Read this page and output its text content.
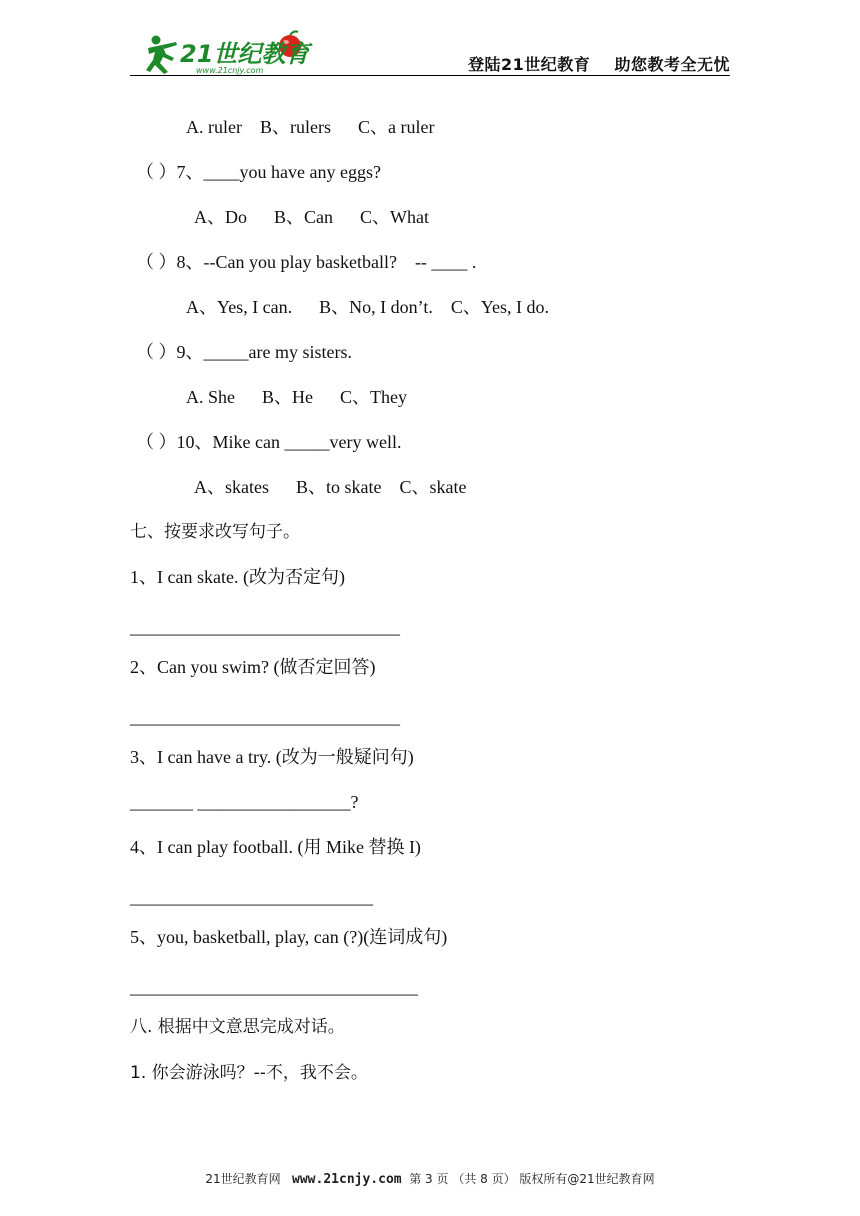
21世纪教育
www.21cnjy.com	登陆21世纪教育    助您教考全无忧
A. ruler    B、rulers      C、a ruler
（ ）7、____you have any eggs?
A、Do      B、Can      C、What
（ ）8、--Can you play basketball?    -- ____ .
A、Yes, I can.      B、No, I don’t.    C、Yes, I do.
（ ）9、_____are my sisters.
A. She      B、He      C、They
（ ）10、Mike can _____very well.
A、skates      B、to skate    C、skate
七、按要求改写句子。
1、I can skate. (改为否定句)
______________________________
2、Can you swim? (做否定回答)
______________________________
3、I can have a try. (改为一般疑问句)
_______ _________________?
4、I can play football. (用 Mike 替换 I)
___________________________
5、you, basketball, play, can (?)(连词成句)
________________________________
八. 根据中文意思完成对话。
1. 你会游泳吗？--不，我不会。
21世纪教育网   www.21cnjy.com  第 3 页 （共 8 页） 版权所有@21世纪教育网
